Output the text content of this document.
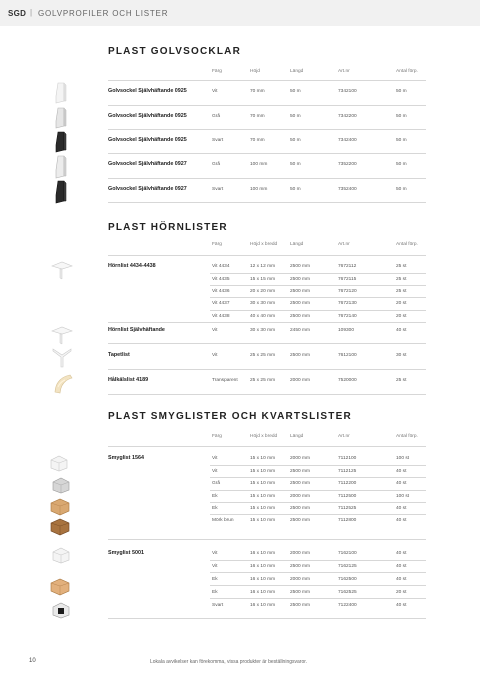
SGD | GOLVPROFILER OCH LISTER
PLAST GOLVSOCKLAR
Färg	Höjd	Längd	Art.nr	Antal förp.
Golvsockel Självhäftande 0925	Vit	70 mm	50 m	7342100	50 m
Golvsockel Självhäftande 0925	Grå	70 mm	50 m	7342200	50 m
Golvsockel Självhäftande 0925	Svart	70 mm	50 m	7342400	50 m
Golvsockel Självhäftande 0927	Grå	100 mm	50 m	7352200	50 m
Golvsockel Självhäftande 0927	Svart	100 mm	50 m	7352400	50 m
PLAST HÖRNLISTER
Färg	Höjd x bredd	Längd	Art.nr	Antal förp.
Hörnlist 4434-4438	Vit 4434	12 x 12 mm	2500 mm	7672112	25 st
Vit 4435	15 x 15 mm	2500 mm	7672115	25 st
Vit 4436	20 x 20 mm	2500 mm	7672120	25 st
Vit 4437	30 x 30 mm	2500 mm	7672130	20 st
Vit 4438	40 x 40 mm	2500 mm	7672140	20 st
Hörnlist Självhäftande	Vit	30 x 30 mm	2450 mm	109300	40 st
Tapetlist	Vit	25 x 25 mm	2500 mm	7612100	30 st
Hålkälslist 4189	Transparent	25 x 25 mm	2000 mm	7520000	25 st
PLAST SMYGLISTER OCH KVARTSLISTER
Färg	Höjd x bredd	Längd	Art.nr	Antal förp.
Smyglist 1564	Vit	15 x 10 mm	2000 mm	7112100	100 st
Vit	15 x 10 mm	2500 mm	7112125	40 st
Grå	15 x 10 mm	2500 mm	7112200	40 st
Ek	15 x 10 mm	2000 mm	7112500	100 st
Ek	15 x 10 mm	2500 mm	7112525	40 st
Mörk brun	15 x 10 mm	2500 mm	7112800	40 st
Smyglist 5001	Vit	16 x 10 mm	2000 mm	7162100	40 st
Vit	16 x 10 mm	2500 mm	7162125	40 st
Ek	16 x 10 mm	2000 mm	7162500	40 st
Ek	16 x 10 mm	2500 mm	7162525	20 st
Svart	16 x 10 mm	2500 mm	7122400	40 st
10	Lokala avvikelser kan förekomma, vissa produkter är beställningsvaror.
